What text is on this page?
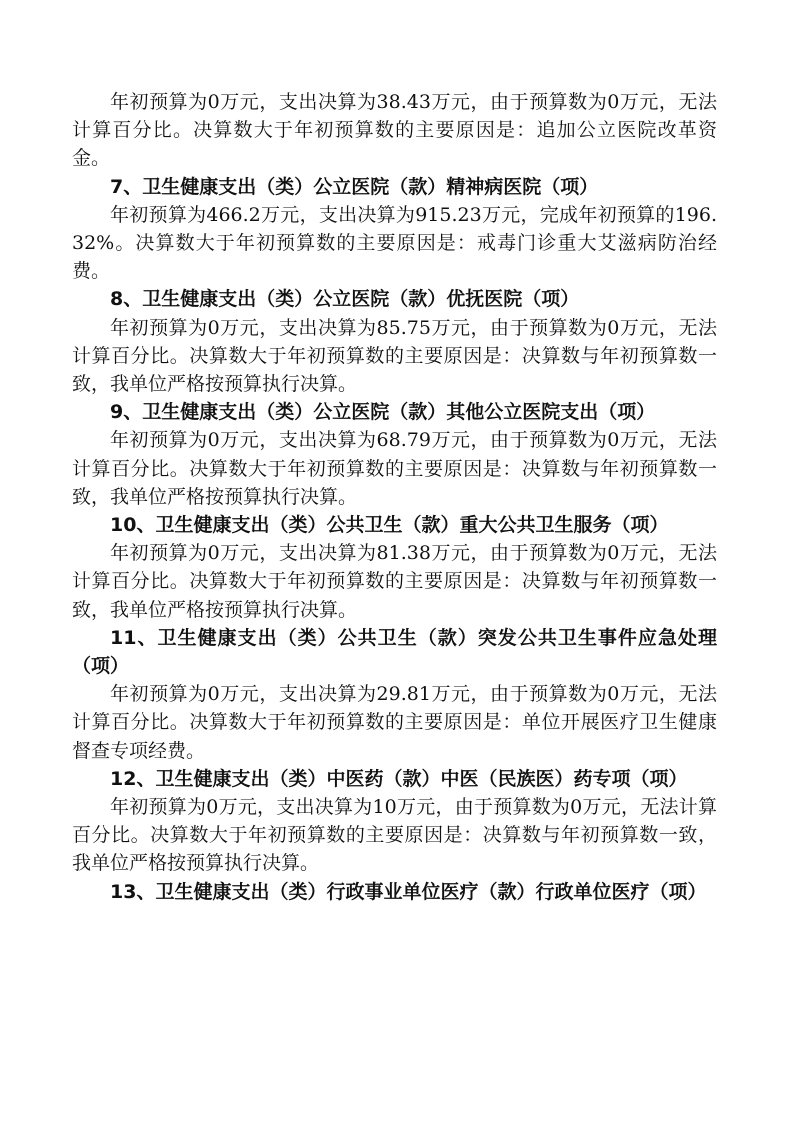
年初预算为0万元，支出决算为38.43万元，由于预算数为0万元，无法计算百分比。决算数大于年初预算数的主要原因是：追加公立医院改革资金。

7、卫生健康支出（类）公立医院（款）精神病医院（项）

年初预算为466.2万元，支出决算为915.23万元，完成年初预算的196.32%。决算数大于年初预算数的主要原因是：戒毒门诊重大艾滋病防治经费。

8、卫生健康支出（类）公立医院（款）优抚医院（项）

年初预算为0万元，支出决算为85.75万元，由于预算数为0万元，无法计算百分比。决算数大于年初预算数的主要原因是：决算数与年初预算数一致，我单位严格按预算执行决算。

9、卫生健康支出（类）公立医院（款）其他公立医院支出（项）

年初预算为0万元，支出决算为68.79万元，由于预算数为0万元，无法计算百分比。决算数大于年初预算数的主要原因是：决算数与年初预算数一致，我单位严格按预算执行决算。

10、卫生健康支出（类）公共卫生（款）重大公共卫生服务（项）

年初预算为0万元，支出决算为81.38万元，由于预算数为0万元，无法计算百分比。决算数大于年初预算数的主要原因是：决算数与年初预算数一致，我单位严格按预算执行决算。

11、卫生健康支出（类）公共卫生（款）突发公共卫生事件应急处理（项）

年初预算为0万元，支出决算为29.81万元，由于预算数为0万元，无法计算百分比。决算数大于年初预算数的主要原因是：单位开展医疗卫生健康督查专项经费。

12、卫生健康支出（类）中医药（款）中医（民族医）药专项（项）

年初预算为0万元，支出决算为10万元，由于预算数为0万元，无法计算百分比。决算数大于年初预算数的主要原因是：决算数与年初预算数一致，我单位严格按预算执行决算。

13、卫生健康支出（类）行政事业单位医疗（款）行政单位医疗（项）
